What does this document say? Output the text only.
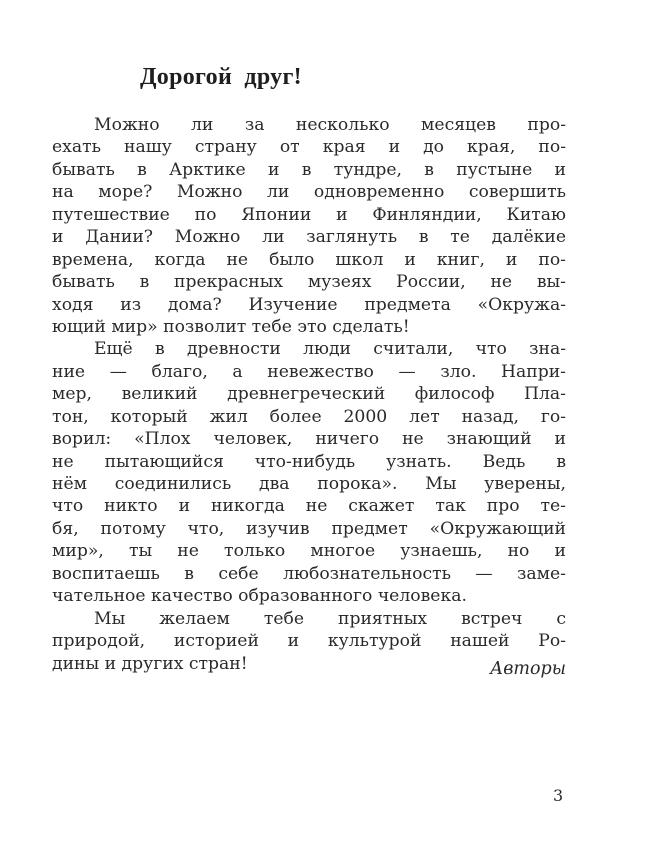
Дорогой друг!
Можно ли за несколько месяцев про-
ехать нашу страну от края и до края, по-
бывать в Арктике и в тундре, в пустыне и
на море? Можно ли одновременно совершить
путешествие по Японии и Финляндии, Китаю
и Дании? Можно ли заглянуть в те далёкие
времена, когда не было школ и книг, и по-
бывать в прекрасных музеях России, не вы-
ходя из дома? Изучение предмета «Окружа-
ющий мир» позволит тебе это сделать!
Ещё в древности люди считали, что зна-
ние — благо, а невежество — зло. Напри-
мер, великий древнегреческий философ Пла-
тон, который жил более 2000 лет назад, го-
ворил: «Плох человек, ничего не знающий и
не пытающийся что-нибудь узнать. Ведь в
нём соединились два порока». Мы уверены,
что никто и никогда не скажет так про те-
бя, потому что, изучив предмет «Окружающий
мир», ты не только многое узнаешь, но и
воспитаешь в себе любознательность — заме-
чательное качество образованного человека.
Мы желаем тебе приятных встреч с
природой, историей и культурой нашей Ро-
дины и других стран!	Авторы
3
